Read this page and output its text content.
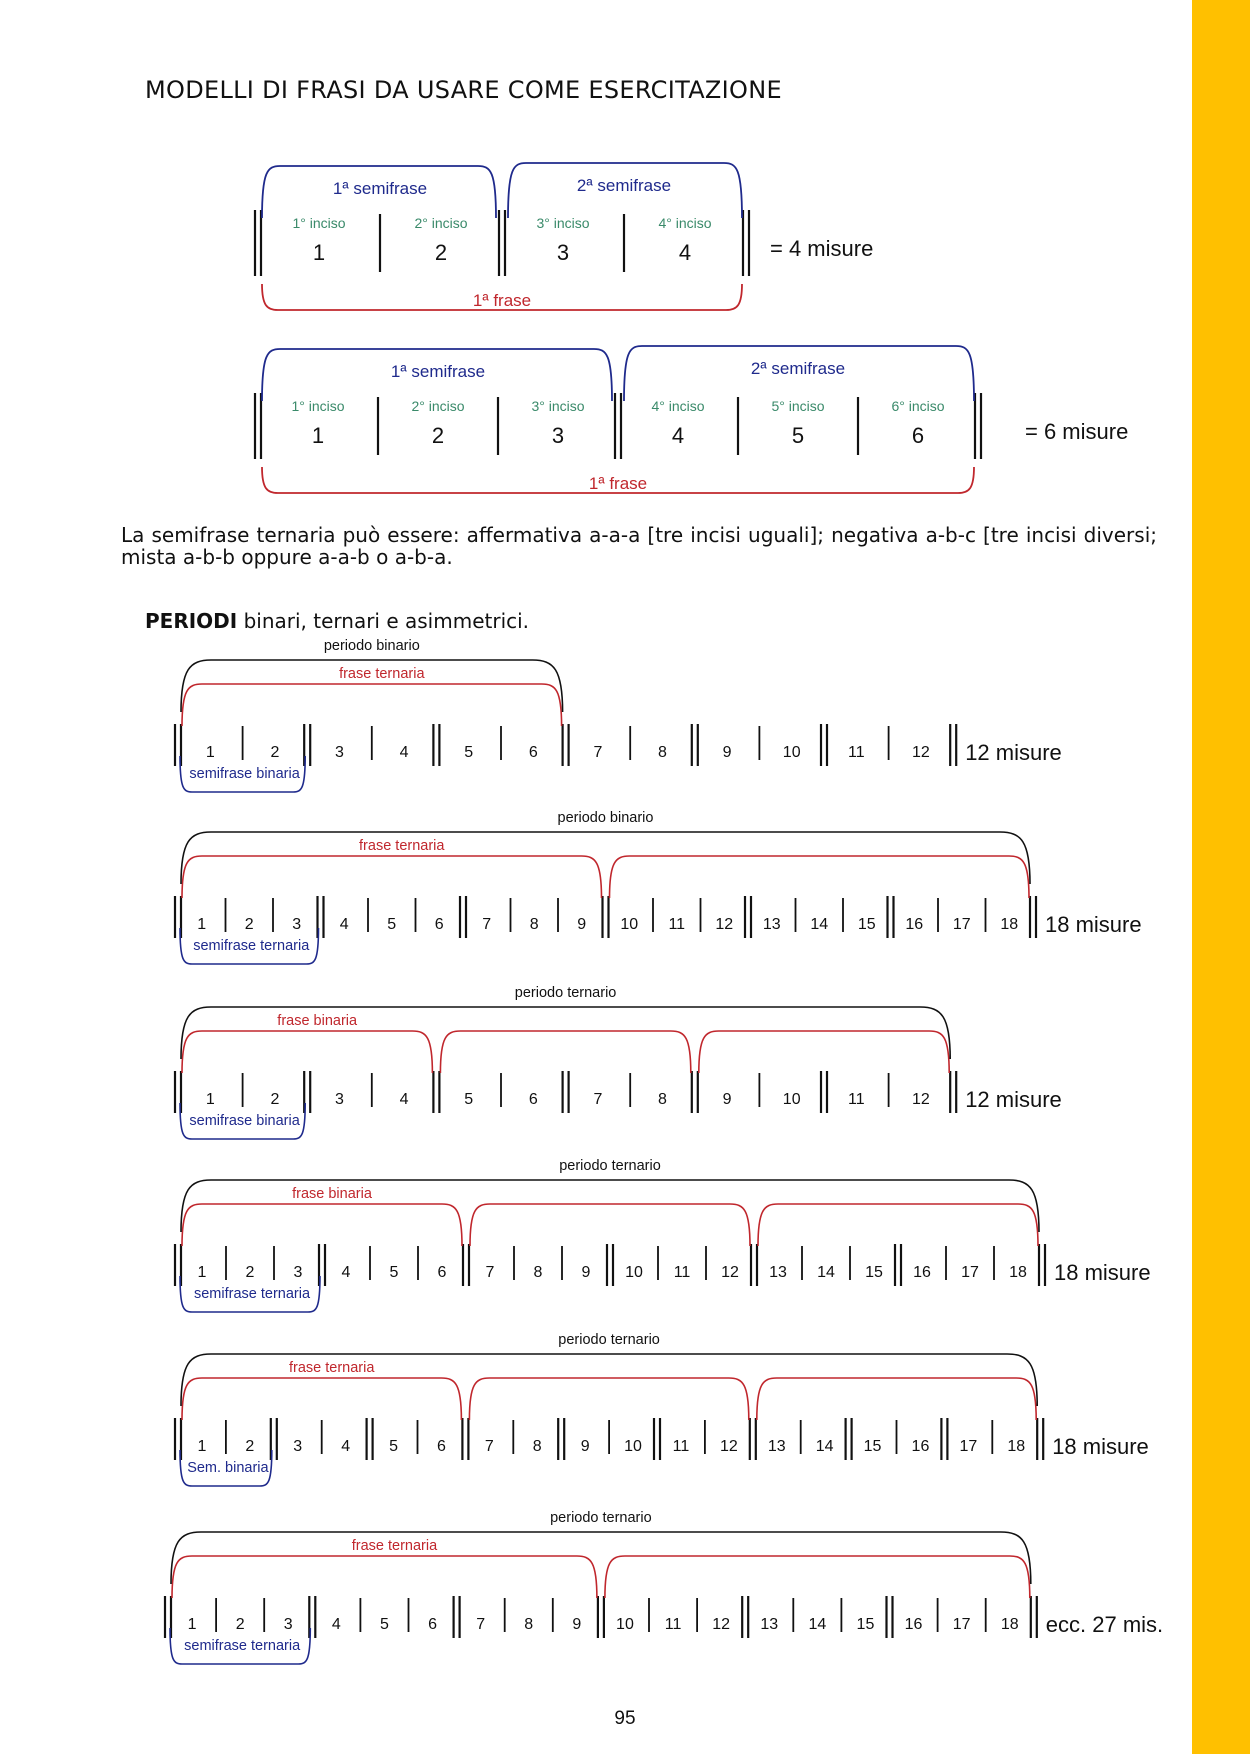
MODELLI DI FRASI DA USARE COME ESERCITAZIONE
1
1° inciso
2
2° inciso
3
3° inciso
4
4° inciso
1ª semifrase	2ª semifrase
1ª frase
= 4 misure
1
1° inciso
2
2° inciso
3
3° inciso
4
4° inciso
5
5° inciso
6
6° inciso
1ª semifrase	2ª semifrase
1ª frase
= 6 misure
1	2	3	4	5	6	7	8	9	10	11	12 12 misure
semifrase binaria
frase ternaria
periodo binario
1 2 3 4 5 6 7 8 9 10 11 12 13 14 15 16 17 18 18 misure
semifrase ternaria
frase ternaria
periodo binario
1	2	3	4	5	6	7	8	9	10	11	12 12 misure
semifrase binaria
frase binaria
periodo ternario
1 2 3 4 5 6 7 8 9 10 11 12 13 14 15 16 17 18 18 misure
semifrase ternaria
frase binaria
periodo ternario
1 2 3 4 5 6 7 8 9 10 11 12 13 14 15 16 17 18 18 misure
Sem. binaria
frase ternaria
periodo ternario
1 2 3 4 5 6 7 8 9 10 11 12 13 14 15 16 17 18 ecc. 27 mis.
semifrase ternaria
frase ternaria
periodo ternario
La semifrase ternaria può essere: affermativa a-a-a [tre incisi uguali]; negativa a-b-c [tre incisi diversi; mista a-b-b oppure a-a-b o a-b-a.
PERIODI binari, ternari e asimmetrici.
95
